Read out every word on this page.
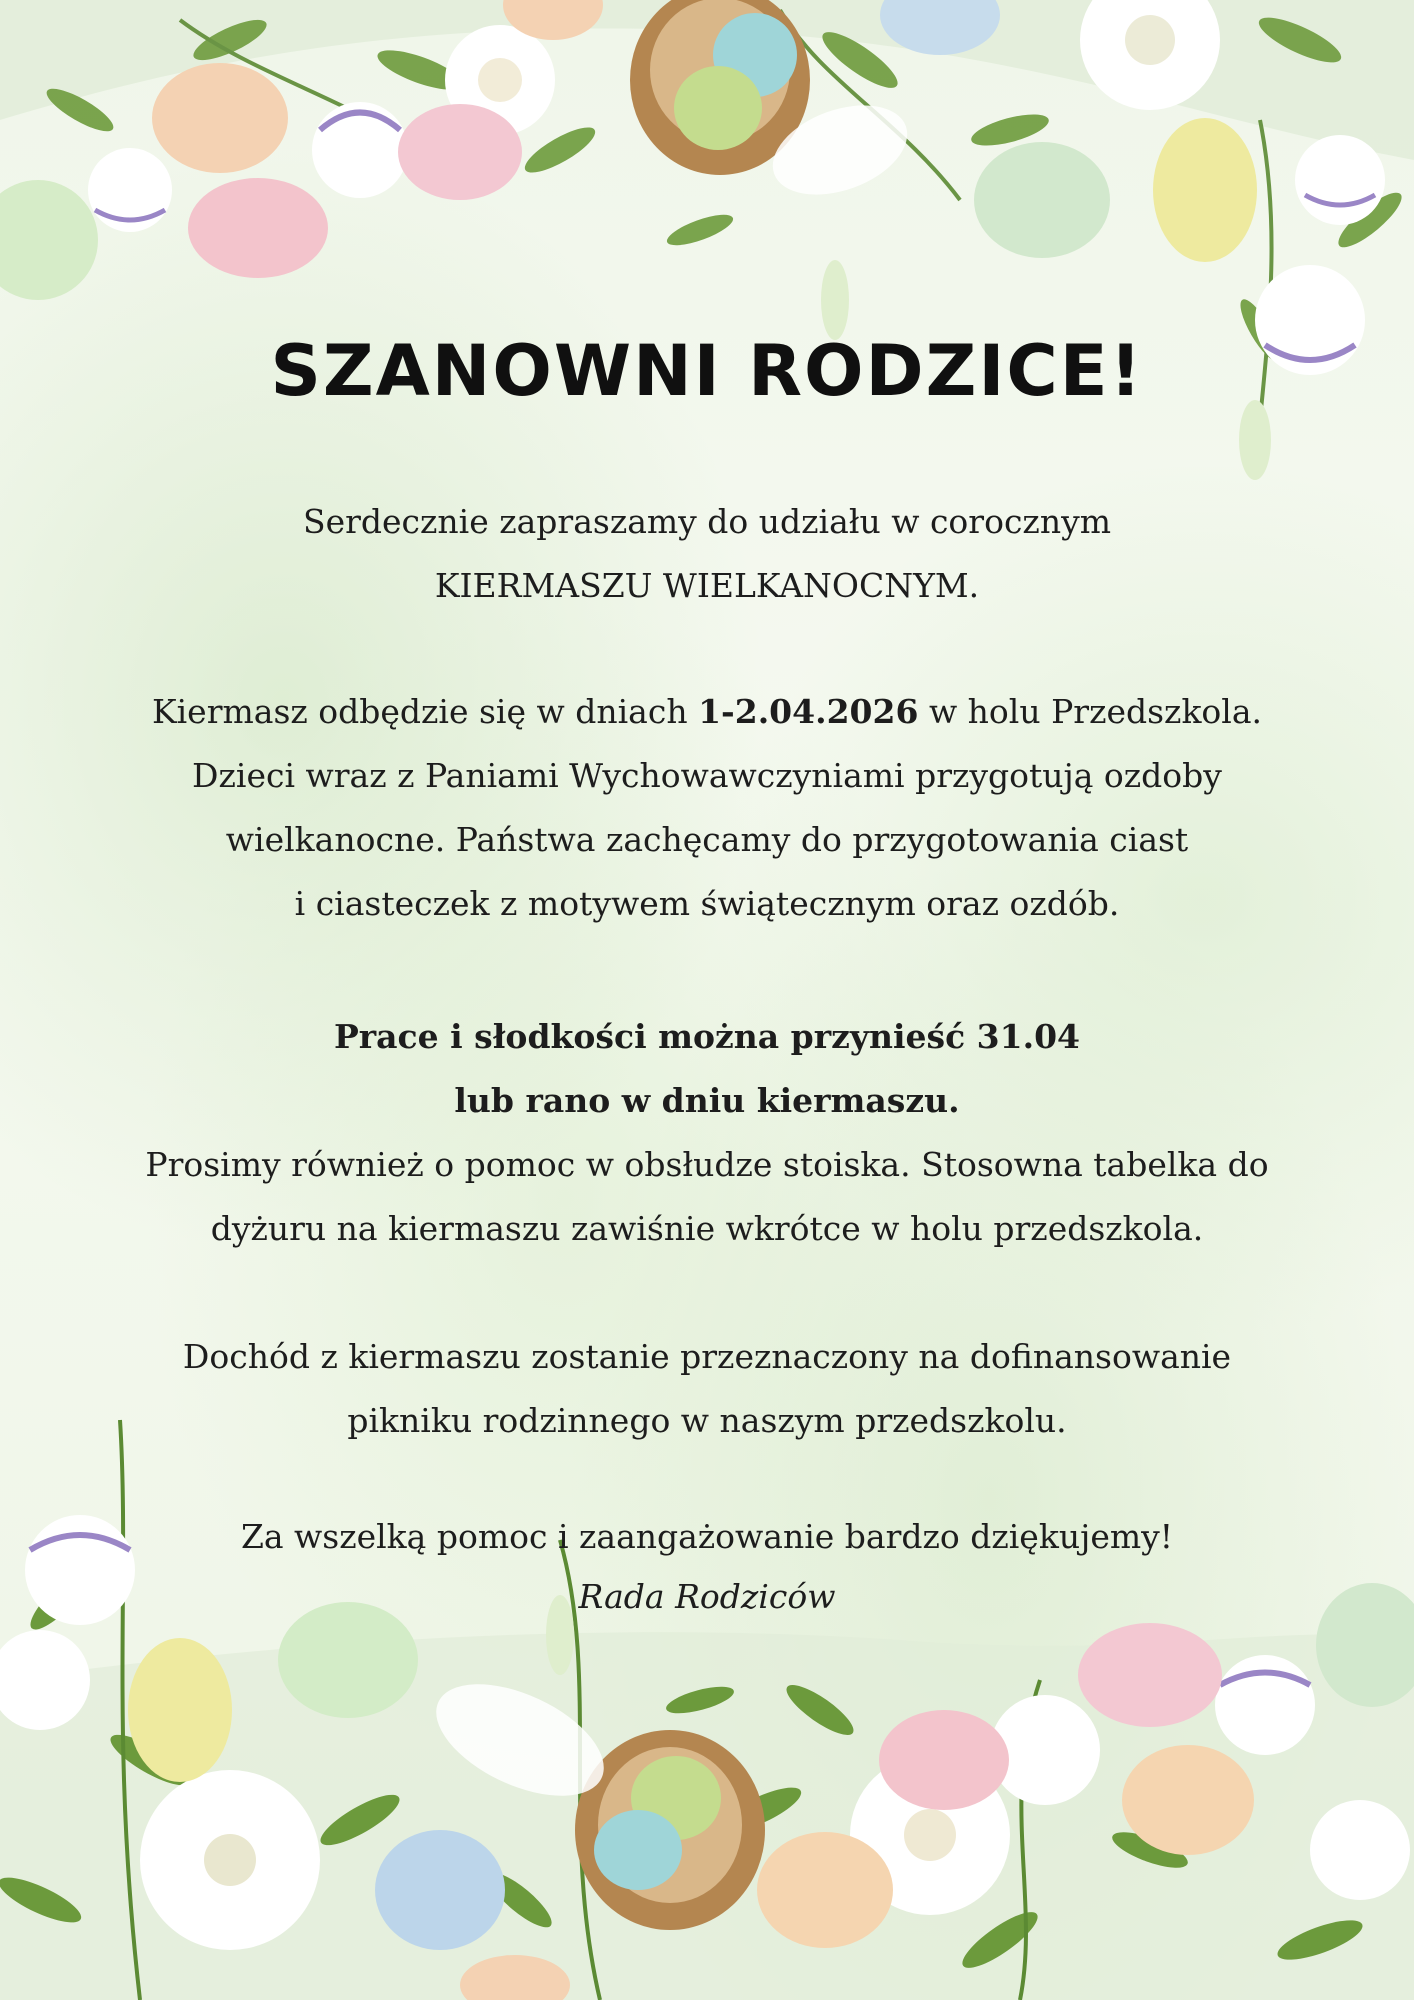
SZANOWNI RODZICE!
Serdecznie zapraszamy do udziału w corocznym
KIERMASZU WIELKANOCNYM.
Kiermasz odbędzie się w dniach 1-2.04.2026 w holu Przedszkola.
Dzieci wraz z Paniami Wychowawczyniami przygotują ozdoby
wielkanocne. Państwa zachęcamy do przygotowania ciast
i ciasteczek z motywem świątecznym oraz ozdób.
Prace i słodkości można przynieść 31.04
lub rano w dniu kiermaszu.
Prosimy również o pomoc w obsłudze stoiska. Stosowna tabelka do
dyżuru na kiermaszu zawiśnie wkrótce w holu przedszkola.
Dochód z kiermaszu zostanie przeznaczony na dofinansowanie
pikniku rodzinnego w naszym przedszkolu.
Za wszelką pomoc i zaangażowanie bardzo dziękujemy!
Rada Rodziców
